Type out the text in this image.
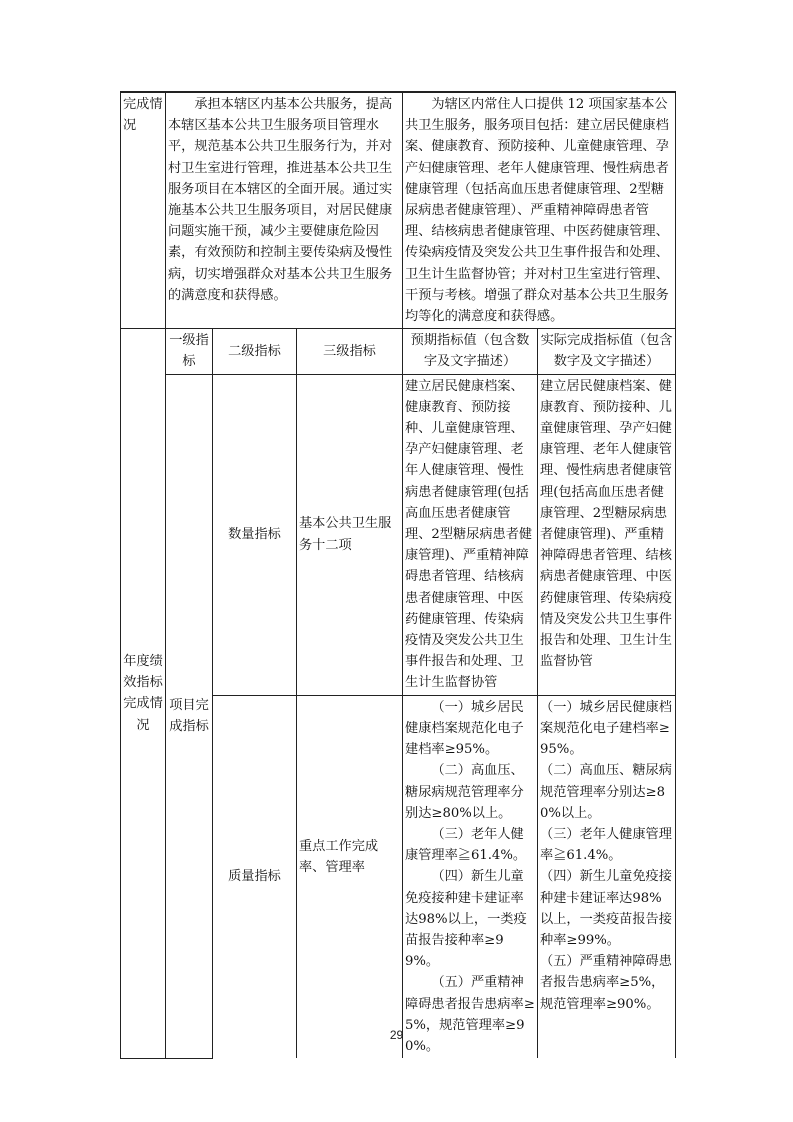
完成情况	承担本辖区内基本公共服务，提高本辖区基本公共卫生服务项目管理水平，规范基本公共卫生服务行为，并对村卫生室进行管理，推进基本公共卫生服务项目在本辖区的全面开展。通过实施基本公共卫生服务项目，对居民健康问题实施干预，减少主要健康危险因素，有效预防和控制主要传染病及慢性病，切实增强群众对基本公共卫生服务的满意度和获得感。			为辖区内常住人口提供 12 项国家基本公共卫生服务，服务项目包括：建立居民健康档案、健康教育、预防接种、儿童健康管理、孕产妇健康管理、老年人健康管理、慢性病患者健康管理（包括高血压患者健康管理、2型糖尿病患者健康管理）、严重精神障碍患者管理、结核病患者健康管理、中医药健康管理、传染病疫情及突发公共卫生事件报告和处理、卫生计生监督协管；并对村卫生室进行管理、干预与考核。增强了群众对基本公共卫生服务均等化的满意度和获得感。	
年度绩效指标完成情况	一级指标	二级指标	三级指标	预期指标值（包含数字及文字描述）	实际完成指标值（包含数字及文字描述）
	项目完成指标	数量指标	基本公共卫生服务十二项	建立居民健康档案、健康教育、预防接种、儿童健康管理、孕产妇健康管理、老年人健康管理、慢性病患者健康管理(包括高血压患者健康管理、2型糖尿病患者健康管理)、严重精神障碍患者管理、结核病患者健康管理、中医药健康管理、传染病疫情及突发公共卫生事件报告和处理、卫生计生监督协管	建立居民健康档案、健康教育、预防接种、儿童健康管理、孕产妇健康管理、老年人健康管理、慢性病患者健康管理(包括高血压患者健康管理、2型糖尿病患者健康管理)、严重精神障碍患者管理、结核病患者健康管理、中医药健康管理、传染病疫情及突发公共卫生事件报告和处理、卫生计生监督协管
		质量指标	重点工作完成率、管理率	（一）城乡居民健康档案规范化电子建档率≥95%。
（二）高血压、糖尿病规范管理率分别达≥80%以上。
（三）老年人健康管理率≧61.4%。
（四）新生儿童免疫接种建卡建证率达98%以上，一类疫苗报告接种率≥99%。
（五）严重精神障碍患者报告患病率≥5%，规范管理率≥90%。	（一）城乡居民健康档案规范化电子建档率≥95%。
（二）高血压、糖尿病规范管理率分别达≥80%以上。
（三）老年人健康管理率≧61.4%。
（四）新生儿童免疫接种建卡建证率达98%以上，一类疫苗报告接种率≥99%。
（五）严重精神障碍患者报告患病率≥5%，规范管理率≥90%。
29
